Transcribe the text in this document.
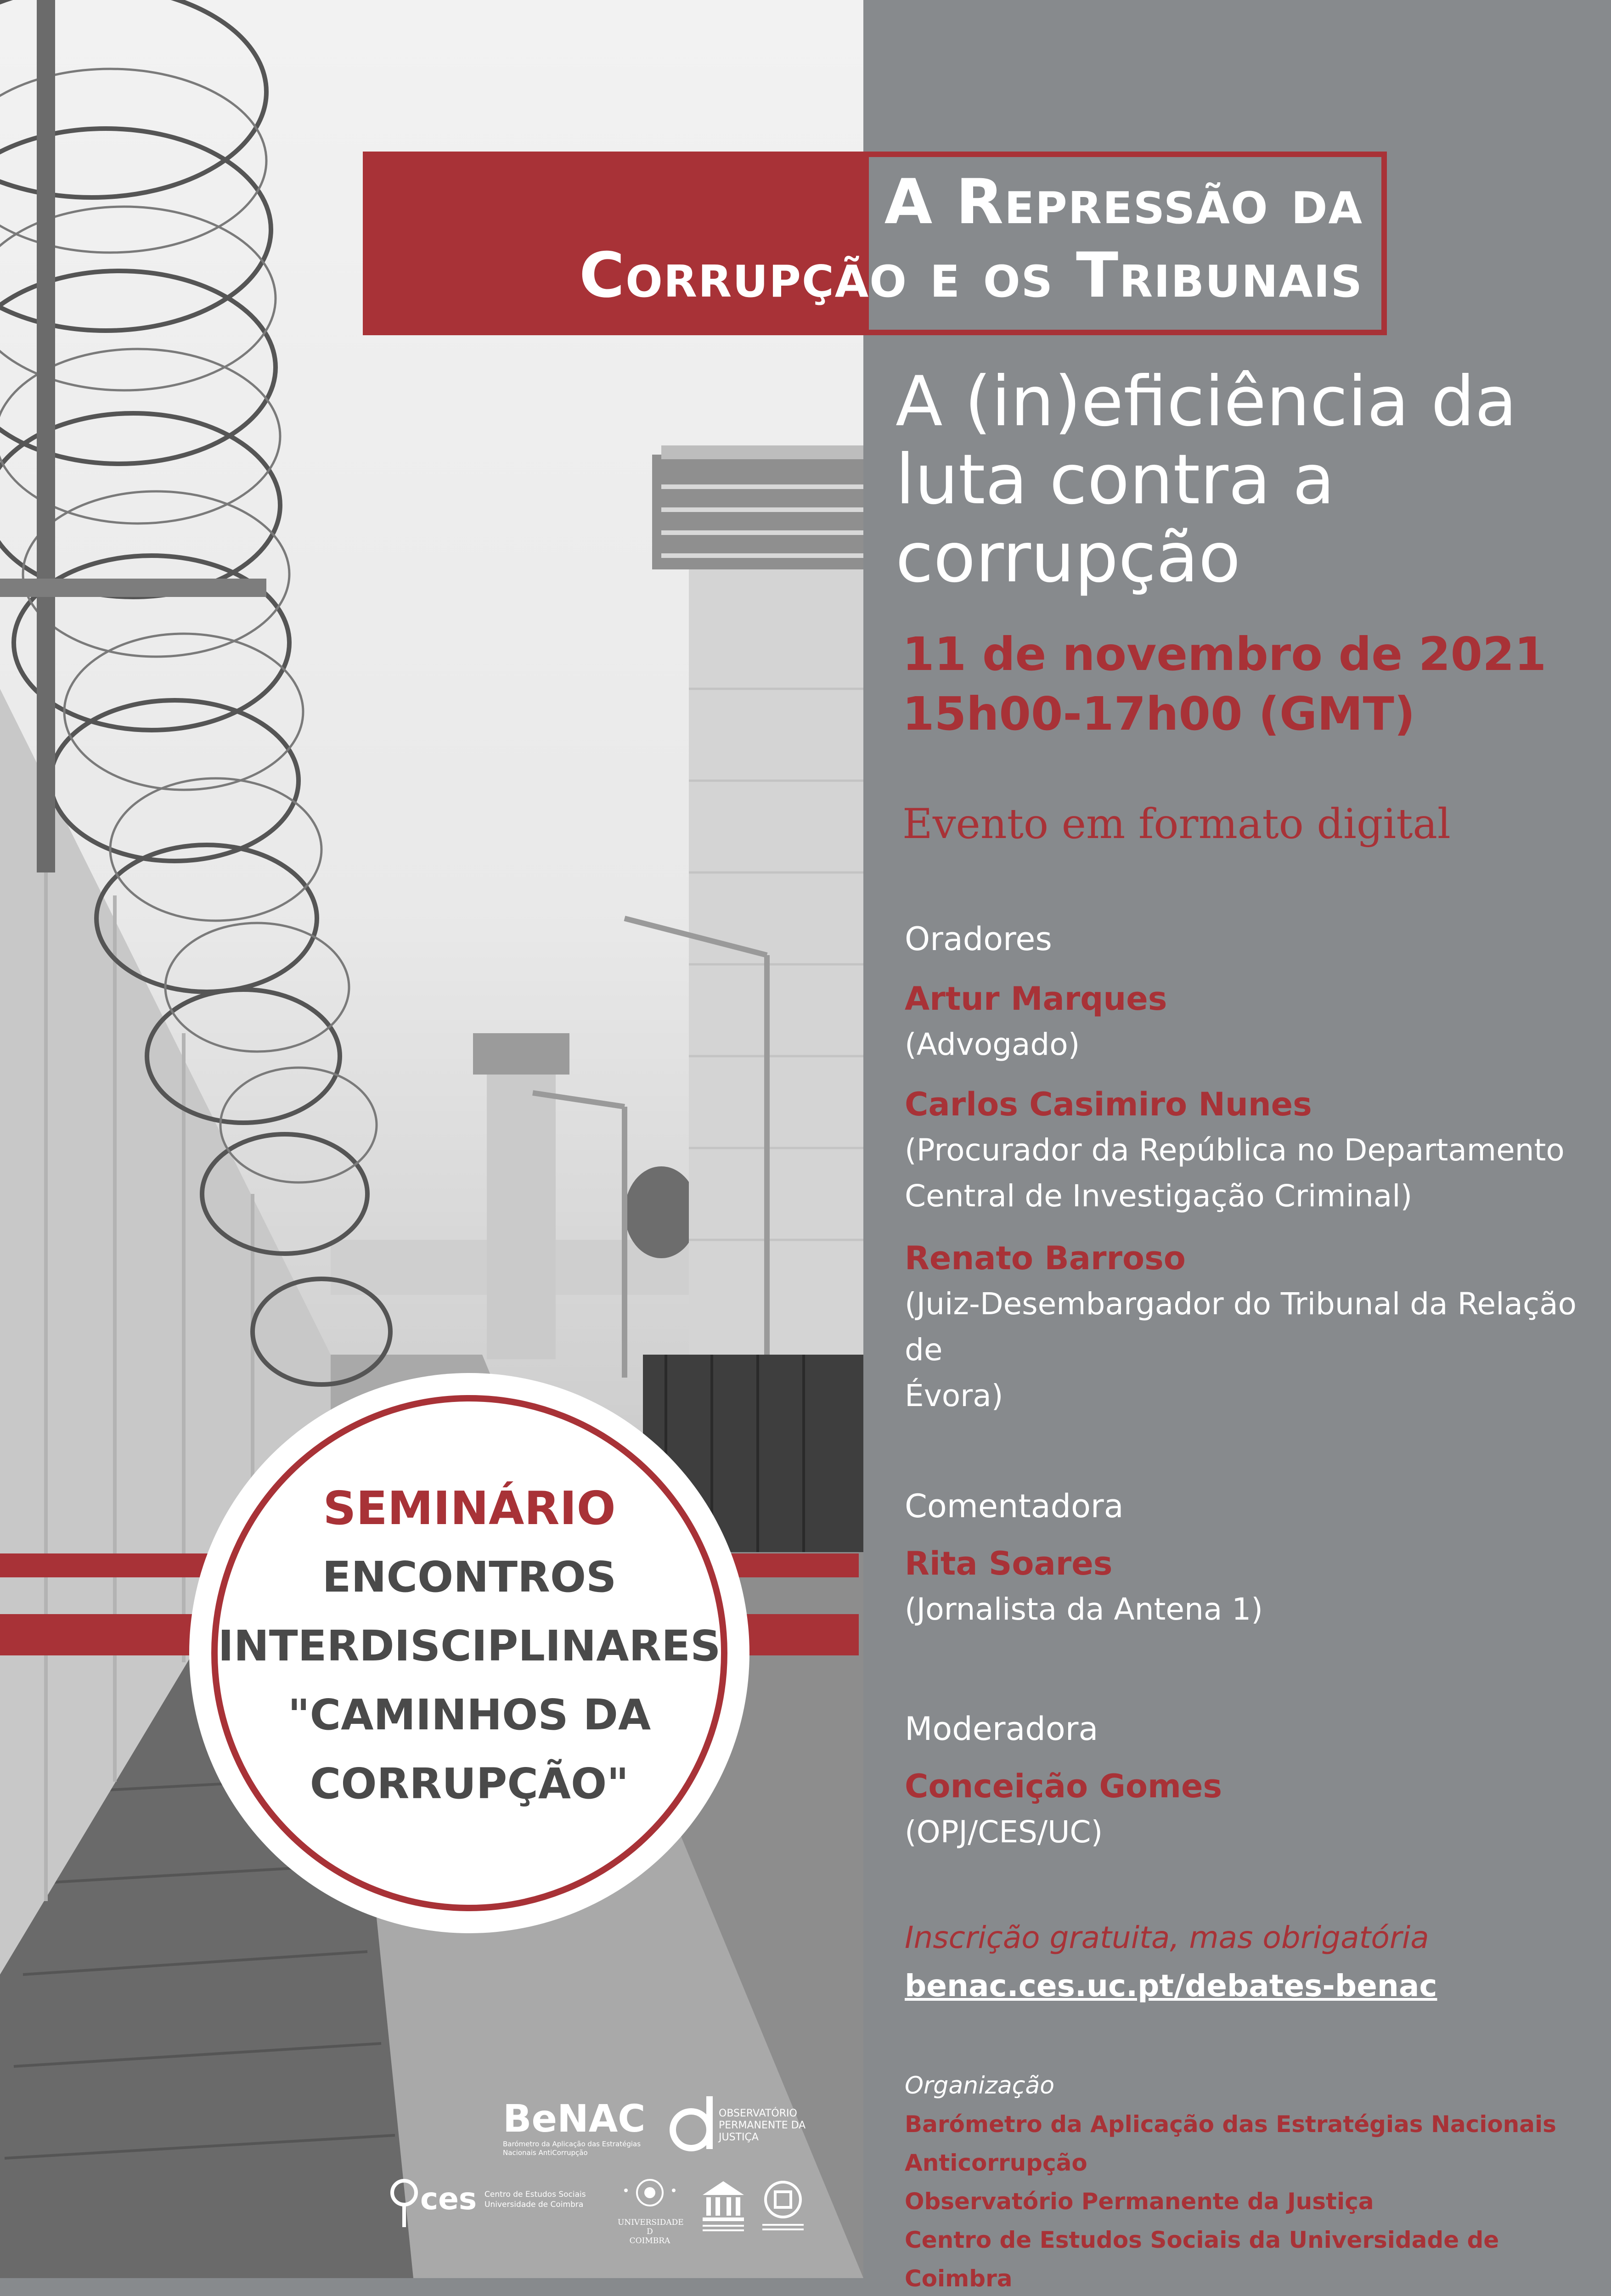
A Repressão da
Corrupção e os Tribunais
A (in)eficiência da
luta contra a
corrupção
11 de novembro de 2021
15h00-17h00 (GMT)
Evento em formato digital
Oradores
Artur Marques
(Advogado)
Carlos Casimiro Nunes
(Procurador da República no Departamento
Central de Investigação Criminal)
Renato Barroso
(Juiz-Desembargador do Tribunal da Relação de
Évora)
Comentadora
Rita Soares
(Jornalista da Antena 1)
Moderadora
Conceição Gomes
(OPJ/CES/UC)
Inscrição gratuita, mas obrigatória
benac.ces.uc.pt/debates-benac
Organização
Barómetro da Aplicação das Estratégias Nacionais
Anticorrupção
Observatório Permanente da Justiça
Centro de Estudos Sociais da Universidade de Coimbra
SEMINÁRIO
ENCONTROS
INTERDISCIPLINARES
"CAMINHOS DA
CORRUPÇÃO"
BeNAC
Barómetro da Aplicação das Estratégias
Nacionais AntiCorrupção
OBSERVATÓRIO
PERMANENTE DA
JUSTIÇA
ces Centro de Estudos Sociais
Universidade de Coimbra
UNIVERSIDADE D
COIMBRA
